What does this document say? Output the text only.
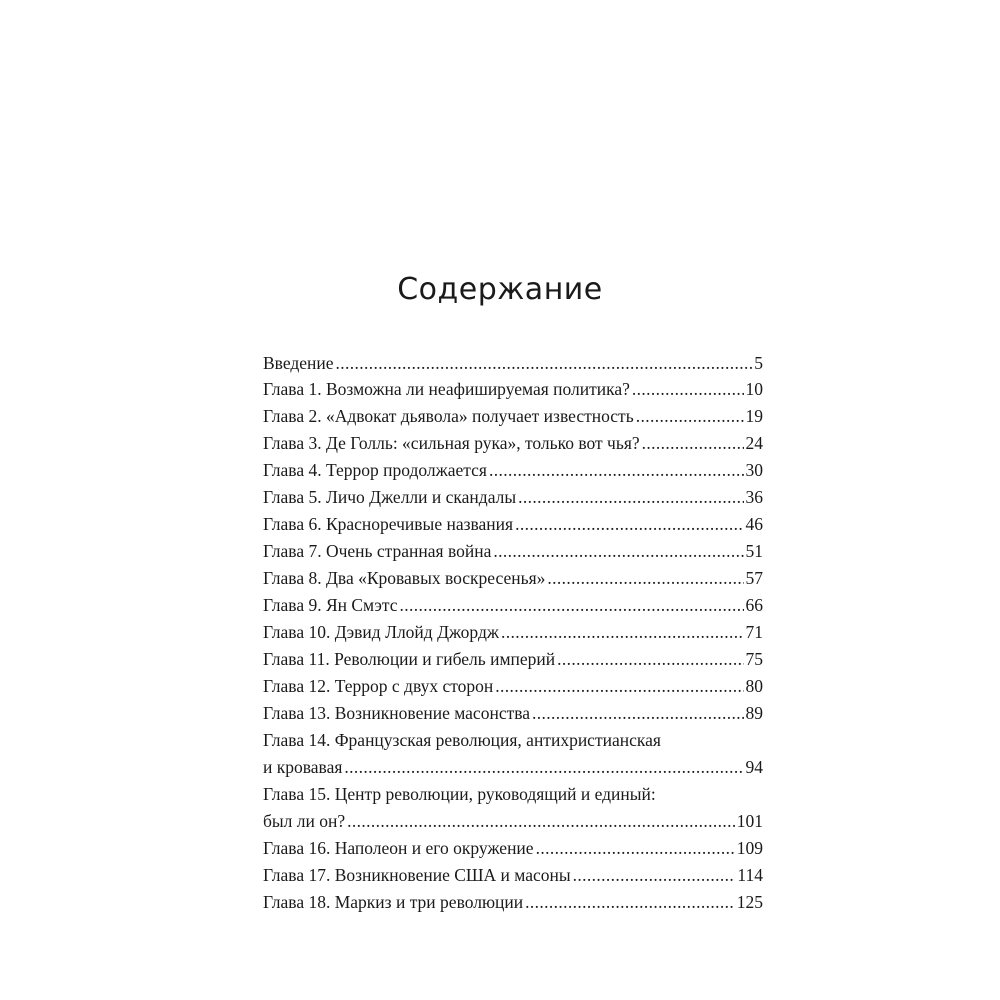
Содержание
Введение . . .	5
Глава 1. Возможна ли неафишируемая политика? . . .	10
Глава 2. «Адвокат дьявола» получает известность . . .	19
Глава 3. Де Голль: «сильная рука», только вот чья? . . .	24
Глава 4. Террор продолжается . . .	30
Глава 5. Личо Джелли и скандалы . . .	36
Глава 6. Красноречивые названия . . .	46
Глава 7. Очень странная война . . .	51
Глава 8. Два «Кровавых воскресенья» . . .	57
Глава 9. Ян Смэтс . . .	66
Глава 10. Дэвид Ллойд Джордж . . .	71
Глава 11. Революции и гибель империй . . .	75
Глава 12. Террор с двух сторон . . .	80
Глава 13. Возникновение масонства . . .	89
Глава 14. Французская революция, антихристианская
и кровавая . . .	94
Глава 15. Центр революции, руководящий и единый:
был ли он? . . .	101
Глава 16. Наполеон и его окружение . . .	109
Глава 17. Возникновение США и масоны . . .	114
Глава 18. Маркиз и три революции . . .	125
